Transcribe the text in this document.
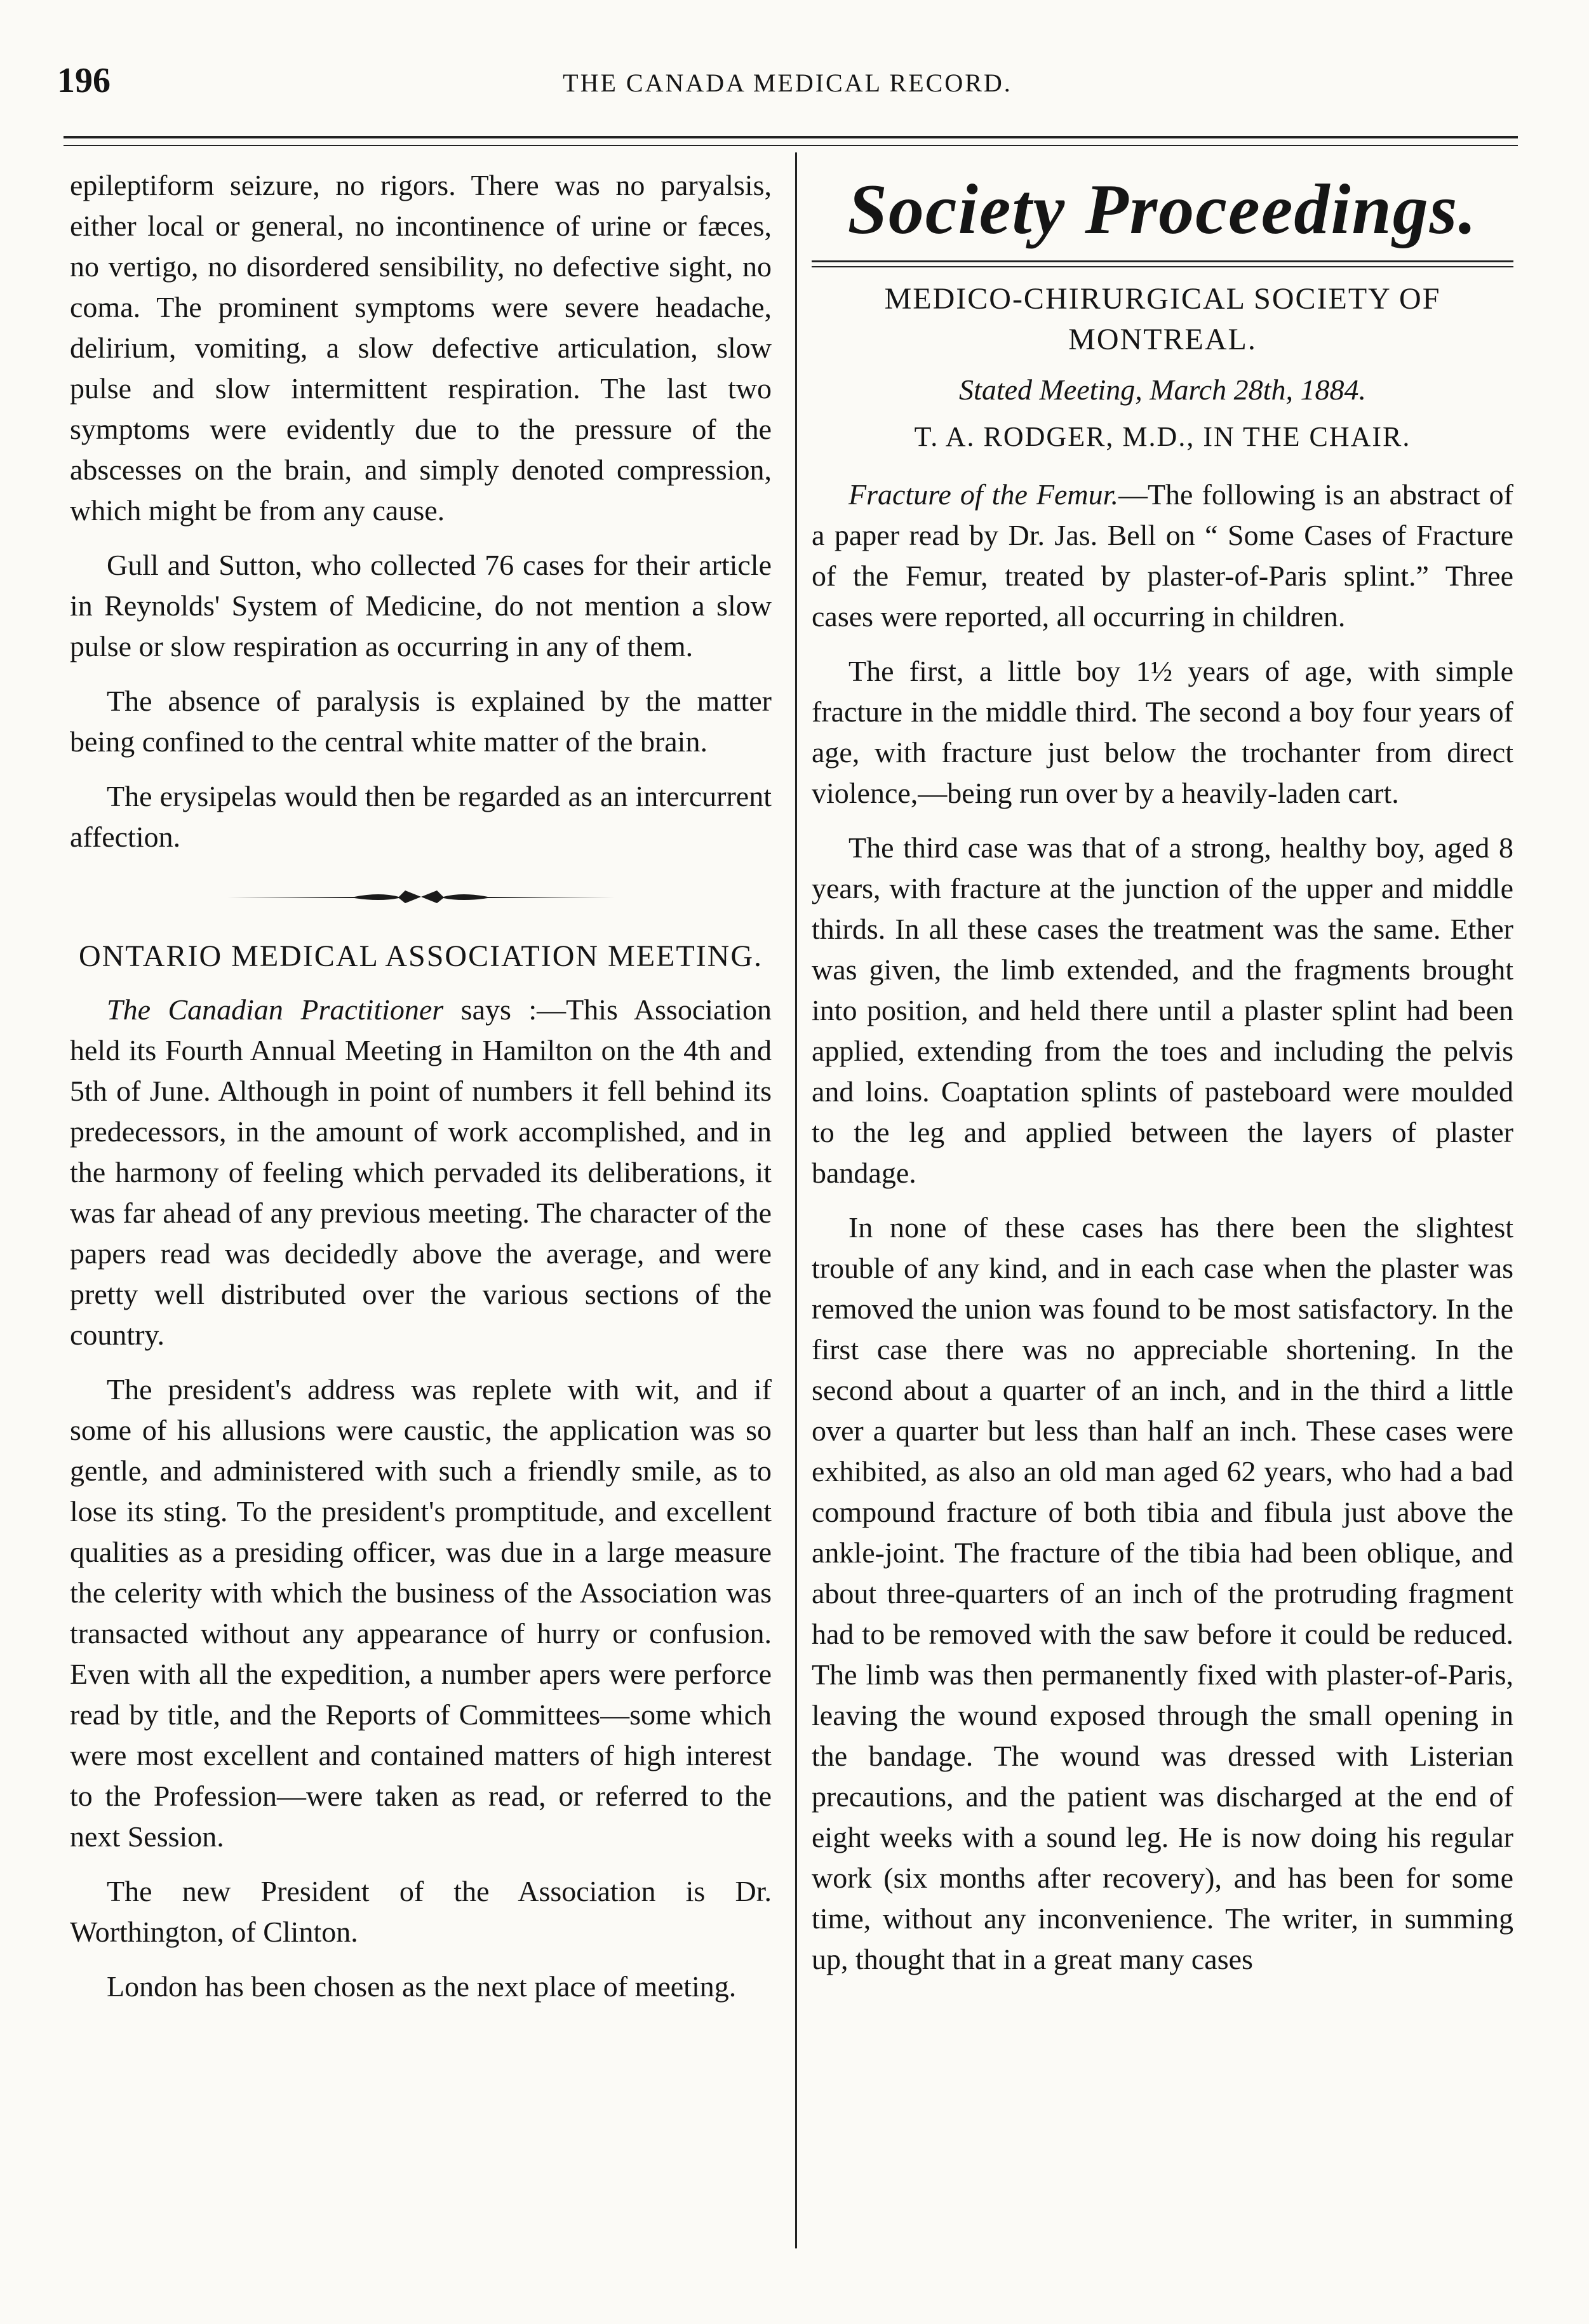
196	THE CANADA MEDICAL RECORD.

epileptiform seizure, no rigors. There was no paryalsis, either local or general, no incontinence of urine or fæces, no vertigo, no disordered sensibility, no defective sight, no coma. The prominent symptoms were severe headache, delirium, vomiting, a slow defective articulation, slow pulse and slow intermittent respiration. The last two symptoms were evidently due to the pressure of the abscesses on the brain, and simply denoted compression, which might be from any cause.

Gull and Sutton, who collected 76 cases for their article in Reynolds' System of Medicine, do not mention a slow pulse or slow respiration as occurring in any of them.

The absence of paralysis is explained by the matter being confined to the central white matter of the brain.

The erysipelas would then be regarded as an intercurrent affection.

ONTARIO MEDICAL ASSOCIATION MEETING.

The Canadian Practitioner says :—This Association held its Fourth Annual Meeting in Hamilton on the 4th and 5th of June. Although in point of numbers it fell behind its predecessors, in the amount of work accomplished, and in the harmony of feeling which pervaded its deliberations, it was far ahead of any previous meeting. The character of the papers read was decidedly above the average, and were pretty well distributed over the various sections of the country.

The president's address was replete with wit, and if some of his allusions were caustic, the application was so gentle, and administered with such a friendly smile, as to lose its sting. To the president's promptitude, and excellent qualities as a presiding officer, was due in a large measure the celerity with which the business of the Association was transacted without any appearance of hurry or confusion. Even with all the expedition, a number apers were perforce read by title, and the Reports of Committees—some which were most excellent and contained matters of high interest to the Profession—were taken as read, or referred to the next Session.

The new President of the Association is Dr. Worthington, of Clinton.

London has been chosen as the next place of meeting.

Society Proceedings.
MEDICO-CHIRURGICAL SOCIETY OF MONTREAL.
Stated Meeting, March 28th, 1884.
T. A. RODGER, M.D., IN THE CHAIR.

Fracture of the Femur.—The following is an abstract of a paper read by Dr. Jas. Bell on “ Some Cases of Fracture of the Femur, treated by plaster-of-Paris splint.” Three cases were reported, all occurring in children.

The first, a little boy 1½ years of age, with simple fracture in the middle third. The second a boy four years of age, with fracture just below the trochanter from direct violence,—being run over by a heavily-laden cart.

The third case was that of a strong, healthy boy, aged 8 years, with fracture at the junction of the upper and middle thirds. In all these cases the treatment was the same. Ether was given, the limb extended, and the fragments brought into position, and held there until a plaster splint had been applied, extending from the toes and including the pelvis and loins. Coaptation splints of pasteboard were moulded to the leg and applied between the layers of plaster bandage.

In none of these cases has there been the slightest trouble of any kind, and in each case when the plaster was removed the union was found to be most satisfactory. In the first case there was no appreciable shortening. In the second about a quarter of an inch, and in the third a little over a quarter but less than half an inch. These cases were exhibited, as also an old man aged 62 years, who had a bad compound fracture of both tibia and fibula just above the ankle-joint. The fracture of the tibia had been oblique, and about three-quarters of an inch of the protruding fragment had to be removed with the saw before it could be reduced. The limb was then permanently fixed with plaster-of-Paris, leaving the wound exposed through the small opening in the bandage. The wound was dressed with Listerian precautions, and the patient was discharged at the end of eight weeks with a sound leg. He is now doing his regular work (six months after recovery), and has been for some time, without any inconvenience. The writer, in summing up, thought that in a great many cases
